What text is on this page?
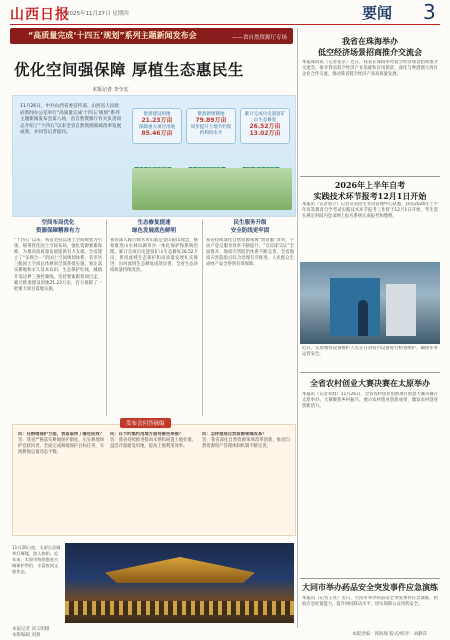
山西日报
2025年11月27日 星期四	要闻 3
“高质量完成‘十四五’规划”系列主题新闻发布会	——省自然资源厅专场
优化空间强保障 厚植生态惠民生
本报记者 李全宏
11月26日，中共山西省委宣传部、山西省人民政府新闻办公室举行“高质量完成‘十四五’规划”系列主题新闻发布会第八场，省自然资源厅有关负责同志介绍了“十四五”以来全省自然资源领域改革发展成效，并回答记者提问。
批准建设用地
21.23万亩
保障重大项目用地
85.46万亩
批准新增耕地
79.89万亩
同步提升土地节约集约利用水平
累计完成历史遗留矿山生态修复
26.52万亩 13.02万亩
空间布局优化
资源保障精准有力
“十四五”以来，我省坚持以国土空间规划为引领，统筹优化国土空间布局，强化资源要素保障，为推动高质量发展提供有力支撑。全省建立了“多规合一”的国土空间规划体系，省市县三级国土空间总体规划全部获批实施，划定落实耕地和永久基本农田、生态保护红线、城镇开发边界三条控制线。坚持要素跟着项目走，累计批准建设用地21.23万亩，有力保障了一批重大项目落地实施。
生态修复提速
绿色发展底色鲜明
我省深入践行绿水青山就是金山银山理念，统筹推进山水林田湖草沙一体化保护和系统治理。累计完成历史遗留矿山生态修复26.52万亩，黄河流域生态保护和高质量发展扎实推进，汾河流域生态修复成效显著，全省生态环境质量持续改善。
民生服务升级
安全防线更牢固
我省持续深化自然资源领域“放管服”改革，不动产登记服务效率不断提升，“交房即交证”全面推开。地质灾害防治体系不断完善，全省地质灾害隐患点综合治理有序推进，人民群众生命财产安全得到有效保障。
发布会问答摘编
问：在耕地保护方面，我省取得了哪些成效？
答：我省严格落实耕地保护制度，压实耕地保护党政同责，全面完成耕地保护目标任务，实现耕地总量动态平衡。
问：在节约集约用地方面有哪些举措？
答：我省持续推进批而未供和闲置土地处置，盘活存量建设用地，提高土地利用效率。
问：怎样推进自然资源领域改革？
答：我省深化自然资源领域改革创新，推动自然资源资产管理体制机制不断完善。
11月26日夜，太原古县城华灯璀璨，游人如织。近年来，太原市持续推进古城保护利用，丰富夜间文旅业态。
本报记者 刘玉明摄
我省在珠海举办
低空经济场景招商推介交流会
本报珠海讯（记者张京）近日，我省在珠海举办低空经济场景招商推介交流会，推介我省低空经济产业基础和应用场景，深化与粤港澳大湾区企业合作交流，推动我省低空经济产业高质量发展。
2026年上半年自考
实践技术环节报考12月1日开始
本报讯（记者郭立）记者从省招生考试管理中心获悉，我省2026年上半年高等教育自学考试实践技术环节报考工作将于12月1日开始，考生需在规定时间内登录网上报名系统完成报考和缴费。
近日，太原地铁设备维护人员正在对站内设备进行检查维护，确保冬季运营安全。
全省农村创业大赛决赛在太原举办
本报讯（记者乔群）11月26日，全省农村创业创新项目创意大赛决赛在太原举办。大赛聚焦乡村振兴，展示农村创业创新成果，激发农村创业创新活力。
大同市举办药品安全突发事件应急演练
本报讯（记者王亮）近日，大同市举办药品安全突发事件应急演练，检验应急处置能力，提升协同联动水平，切实保障公众用药安全。
本版编辑 刘燕	本版责编：郭海瑞 版式/校对：刘静萍
